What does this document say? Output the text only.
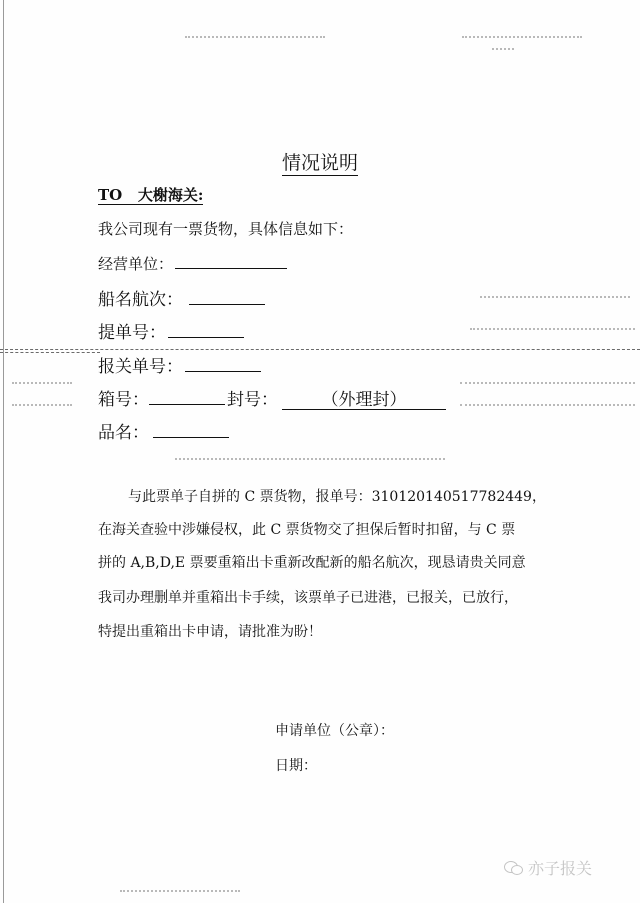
情况说明
TO 大榭海关:
我公司现有一票货物，具体信息如下：
经营单位：
船名航次：
提单号：
报关单号：
箱号：	封号：	（外理封）
品名：
与此票单子自拼的 C 票货物，报单号：310120140517782449，
在海关查验中涉嫌侵权，此 C 票货物交了担保后暂时扣留，与 C 票
拼的 A,B,D,E 票要重箱出卡重新改配新的船名航次，现恳请贵关同意
我司办理删单并重箱出卡手续，该票单子已进港，已报关，已放行，
特提出重箱出卡申请，请批准为盼！
申请单位（公章）：
日期：
亦子报关
